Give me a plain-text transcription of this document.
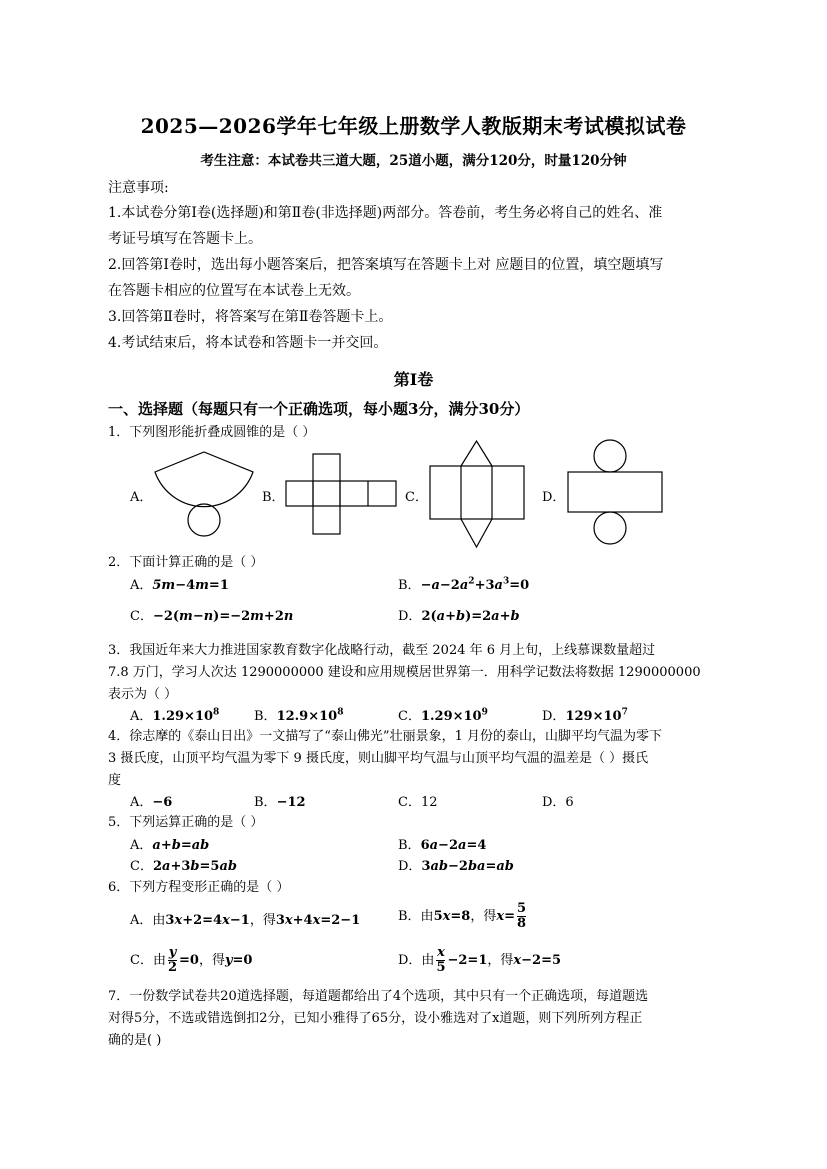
2025—2026学年七年级上册数学人教版期末考试模拟试卷
考生注意：本试卷共三道大题，25道小题，满分120分，时量120分钟
注意事项:
1.本试卷分第Ⅰ卷(选择题)和第Ⅱ卷(非选择题)两部分。答卷前，考生务必将自己的姓名、准
考证号填写在答题卡上。
2.回答第Ⅰ卷时，选出每小题答案后，把答案填写在答题卡上对 应题目的位置，填空题填写
在答题卡相应的位置写在本试卷上无效。
3.回答第Ⅱ卷时，将答案写在第Ⅱ卷答题卡上。
4.考试结束后，将本试卷和答题卡一并交回。
第Ⅰ卷
一、选择题（每题只有一个正确选项，每小题3分，满分30分）
1．下列图形能折叠成圆锥的是（ ）
A．	B．	C．	D．
2．下面计算正确的是（ ）
A．5m−4m=1	B．$-a-2a^2+3a^3=0$
C．−2(m−n)=−2m+2n	D．2(a+b)=2a+b
3．我国近年来大力推进国家教育数字化战略行动，截至 2024 年 6 月上旬，上线慕课数量超过
7.8 万门，学习人次达 1290000000 建设和应用规模居世界第一．用科学记数法将数据 1290000000
表示为（ ）
A．$1.29\times 10^8$	B．$12.9\times 10^8$	C．$1.29\times 10^9$	D．$129\times 10^7$
4．徐志摩的《泰山日出》一文描写了“泰山佛光”壮丽景象，1 月份的泰山，山脚平均气温为零下
3 摄氏度，山顶平均气温为零下 9 摄氏度，则山脚平均气温与山顶平均气温的温差是（ ）摄氏
度
A．−6	B．−12	C．12	D．6
5．下列运算正确的是（ ）
A．a+b=ab	B．6a−2a=4
C．2a+3b=5ab	D．3ab−2ba=ab
6．下列方程变形正确的是（ ）
A．由3x+2=4x−1，得3x+4x=2−1	B．由5x=8，得$x= \frac{5}{8}$
C．由 $\frac{y}{2} =0$，得y=0	D．由 $\frac{x}{5} -2=1$，得x−2=5
7．一份数学试卷共20道选择题，每道题都给出了4个选项，其中只有一个正确选项，每道题选
对得5分，不选或错选倒扣2分，已知小雅得了65分，设小雅选对了x道题，则下列所列方程正
确的是( )
